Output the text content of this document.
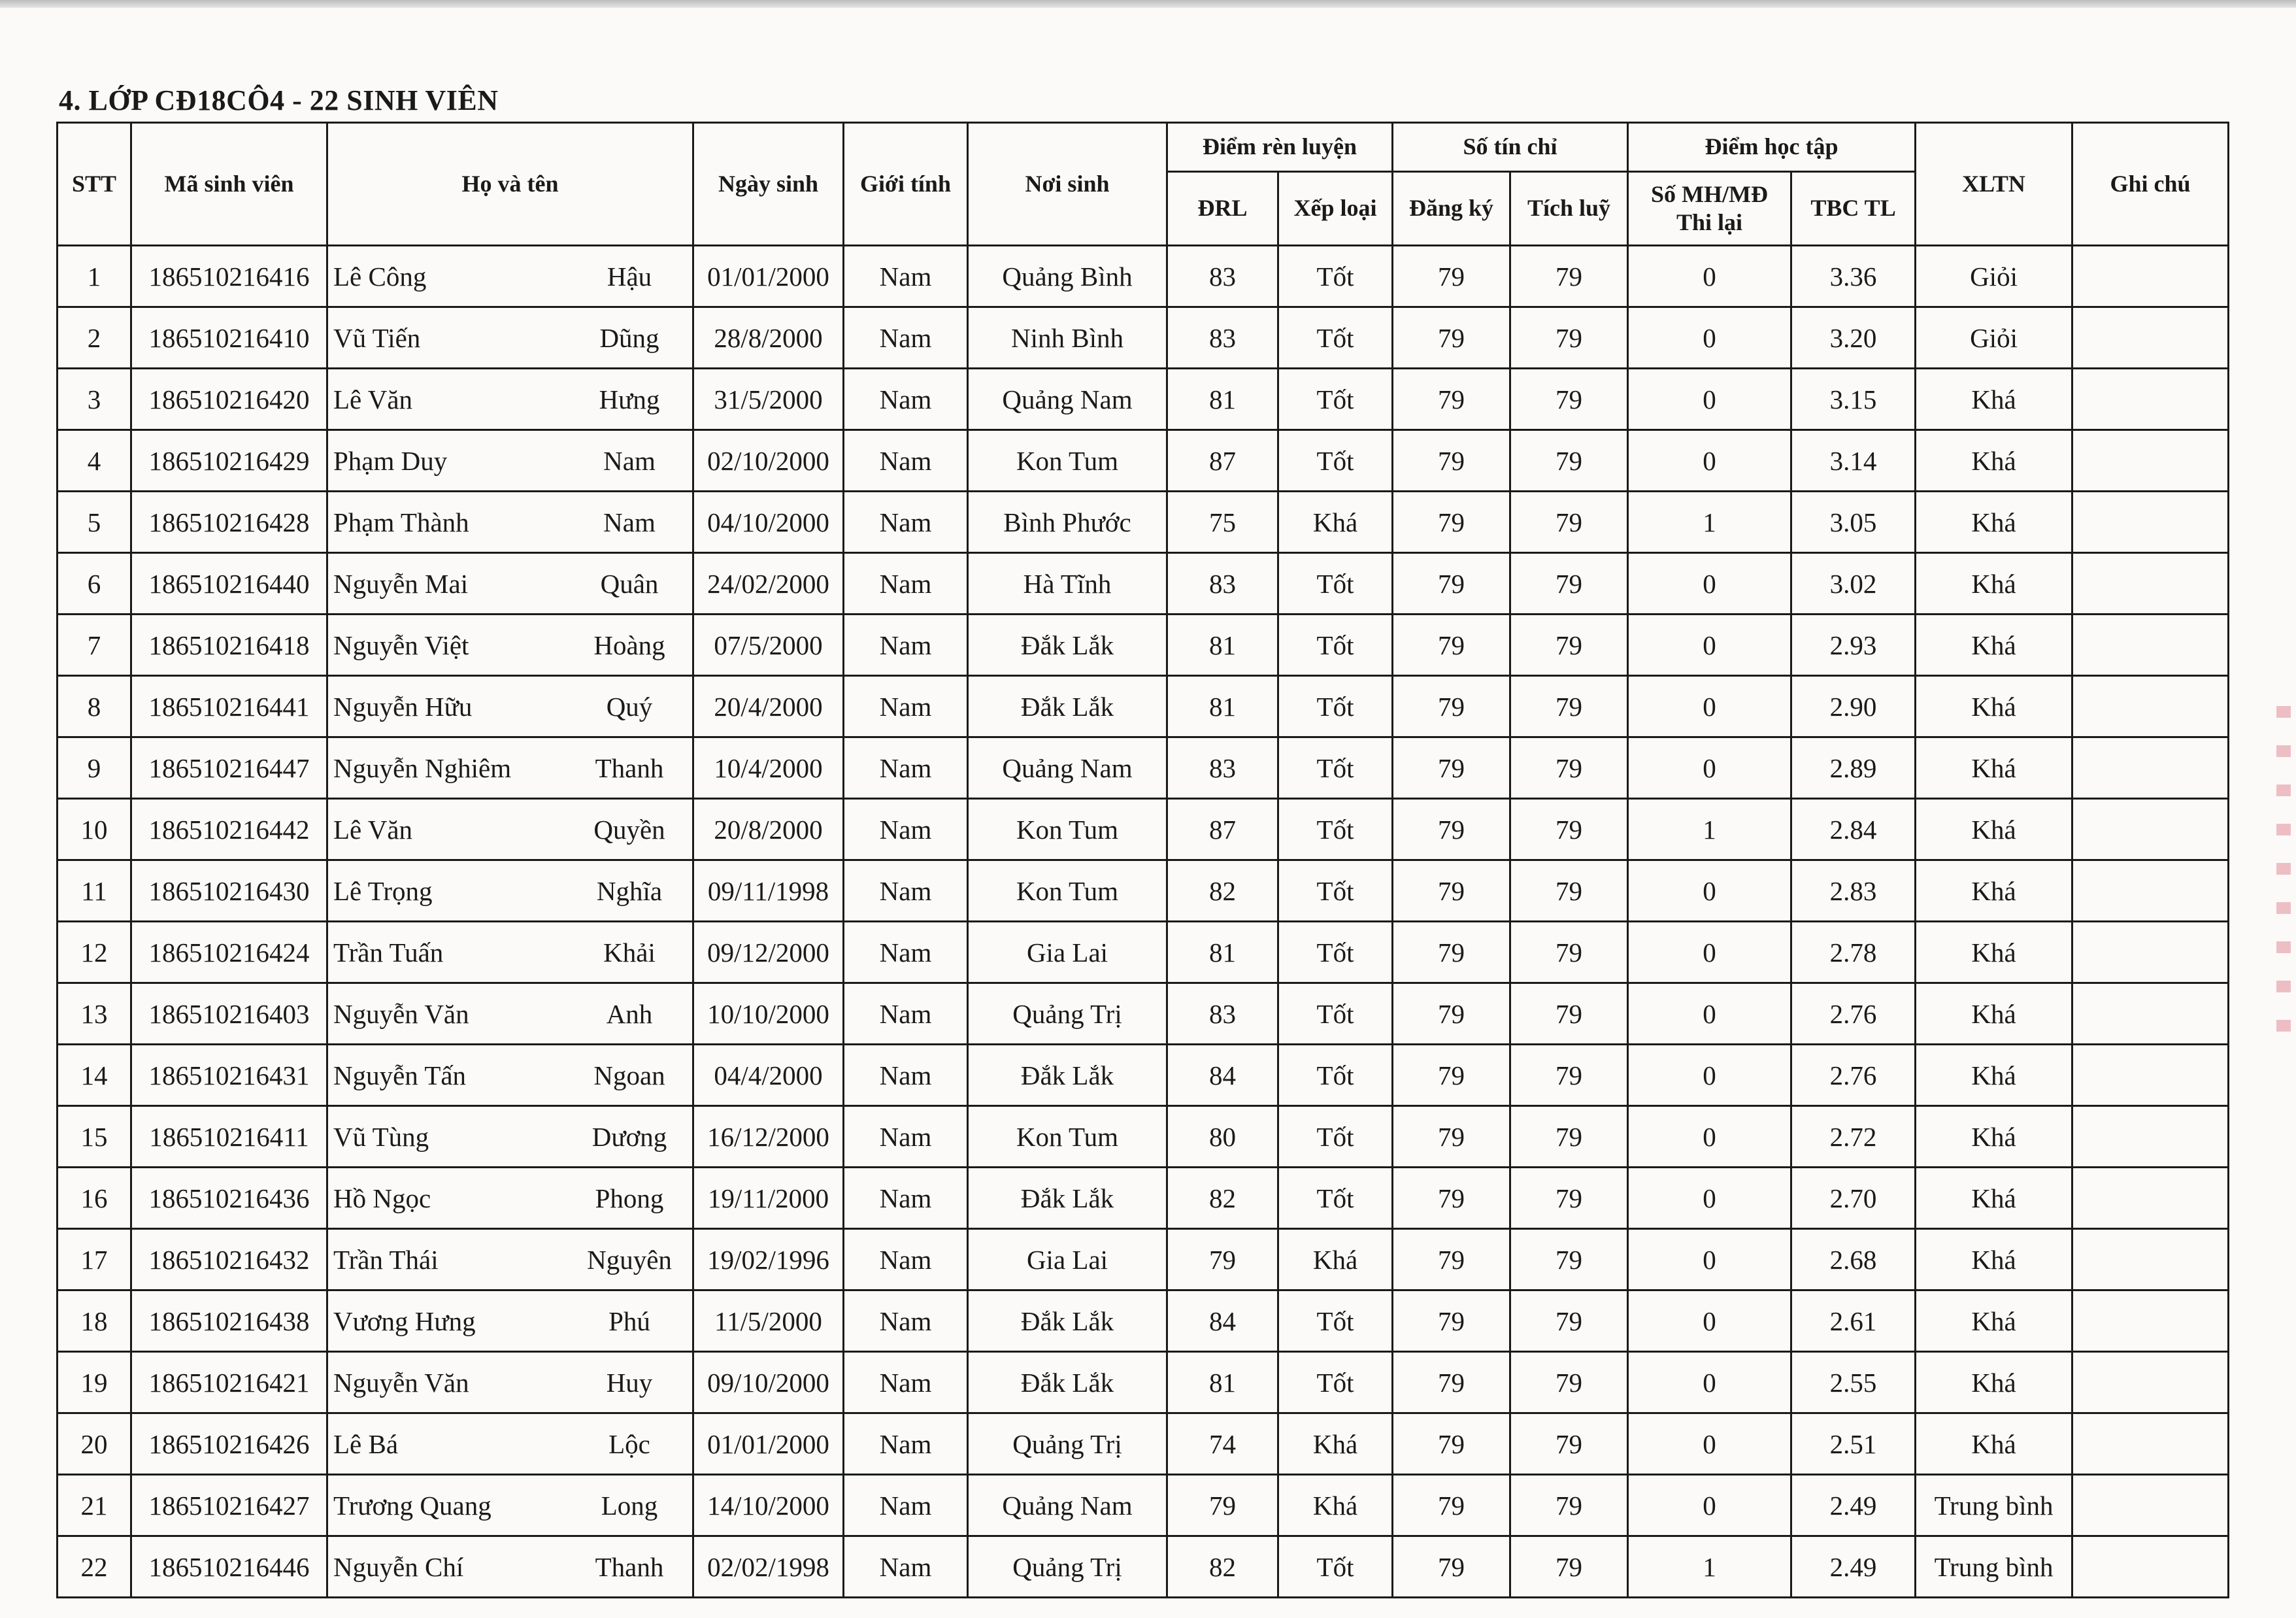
4. LỚP CĐ18CÔ4 - 22 SINH VIÊN
STT	Mã sinh viên	Họ và tên	Ngày sinh	Giới tính	Nơi sinh	Điểm rèn luyện		Số tín chỉ		Điểm học tập		XLTN	Ghi chú
						ĐRL	Xếp loại	Đăng ký	Tích luỹ	Số MH/MĐ Thi lại	TBC TL		
1	186510216416	Lê Công Hậu	01/01/2000	Nam	Quảng Bình	83	Tốt	79	79	0	3.36	Giỏi	
2	186510216410	Vũ Tiến Dũng	28/8/2000	Nam	Ninh Bình	83	Tốt	79	79	0	3.20	Giỏi	
3	186510216420	Lê Văn Hưng	31/5/2000	Nam	Quảng Nam	81	Tốt	79	79	0	3.15	Khá	
4	186510216429	Phạm Duy Nam	02/10/2000	Nam	Kon Tum	87	Tốt	79	79	0	3.14	Khá	
5	186510216428	Phạm Thành Nam	04/10/2000	Nam	Bình Phước	75	Khá	79	79	1	3.05	Khá	
6	186510216440	Nguyễn Mai Quân	24/02/2000	Nam	Hà Tĩnh	83	Tốt	79	79	0	3.02	Khá	
7	186510216418	Nguyễn Việt Hoàng	07/5/2000	Nam	Đắk Lắk	81	Tốt	79	79	0	2.93	Khá	
8	186510216441	Nguyễn Hữu Quý	20/4/2000	Nam	Đắk Lắk	81	Tốt	79	79	0	2.90	Khá	
9	186510216447	Nguyễn Nghiêm Thanh	10/4/2000	Nam	Quảng Nam	83	Tốt	79	79	0	2.89	Khá	
10	186510216442	Lê Văn Quyền	20/8/2000	Nam	Kon Tum	87	Tốt	79	79	1	2.84	Khá	
11	186510216430	Lê Trọng Nghĩa	09/11/1998	Nam	Kon Tum	82	Tốt	79	79	0	2.83	Khá	
12	186510216424	Trần Tuấn Khải	09/12/2000	Nam	Gia Lai	81	Tốt	79	79	0	2.78	Khá	
13	186510216403	Nguyễn Văn Anh	10/10/2000	Nam	Quảng Trị	83	Tốt	79	79	0	2.76	Khá	
14	186510216431	Nguyễn Tấn Ngoan	04/4/2000	Nam	Đắk Lắk	84	Tốt	79	79	0	2.76	Khá	
15	186510216411	Vũ Tùng Dương	16/12/2000	Nam	Kon Tum	80	Tốt	79	79	0	2.72	Khá	
16	186510216436	Hồ Ngọc Phong	19/11/2000	Nam	Đắk Lắk	82	Tốt	79	79	0	2.70	Khá	
17	186510216432	Trần Thái Nguyên	19/02/1996	Nam	Gia Lai	79	Khá	79	79	0	2.68	Khá	
18	186510216438	Vương Hưng Phú	11/5/2000	Nam	Đắk Lắk	84	Tốt	79	79	0	2.61	Khá	
19	186510216421	Nguyễn Văn Huy	09/10/2000	Nam	Đắk Lắk	81	Tốt	79	79	0	2.55	Khá	
20	186510216426	Lê Bá Lộc	01/01/2000	Nam	Quảng Trị	74	Khá	79	79	0	2.51	Khá	
21	186510216427	Trương Quang Long	14/10/2000	Nam	Quảng Nam	79	Khá	79	79	0	2.49	Trung bình	
22	186510216446	Nguyễn Chí Thanh	02/02/1998	Nam	Quảng Trị	82	Tốt	79	79	1	2.49	Trung bình	
